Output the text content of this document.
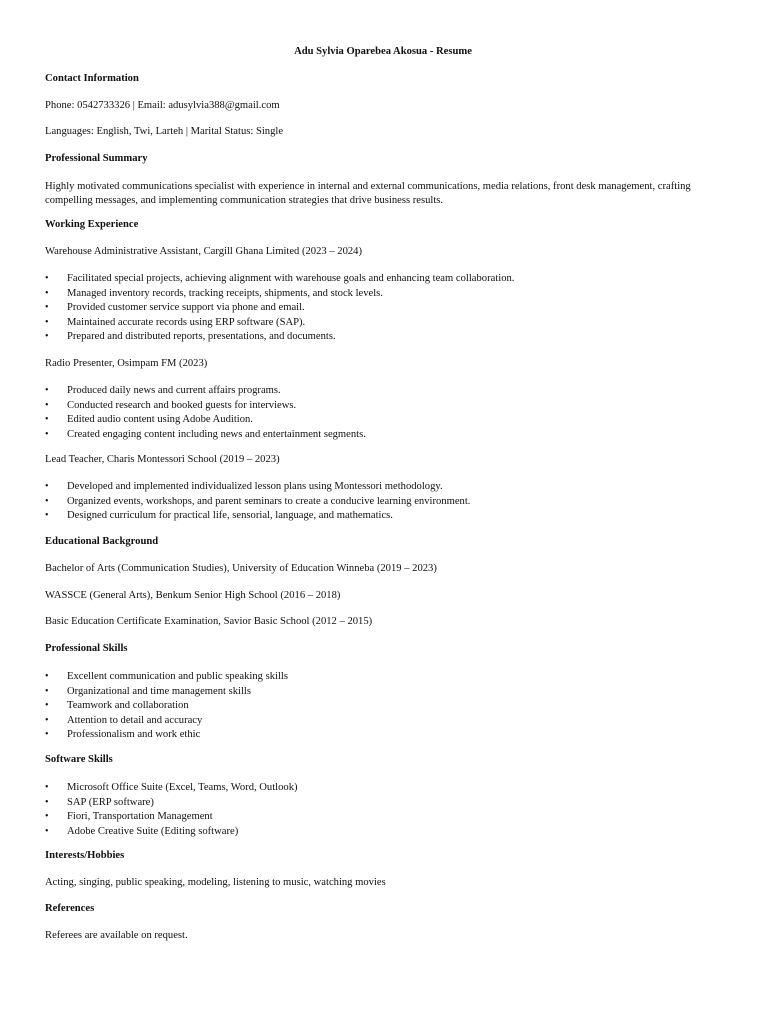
Adu Sylvia Oparebea Akosua - Resume
Contact Information
Phone: 0542733326 | Email: adusylvia388@gmail.com
Languages: English, Twi, Larteh | Marital Status: Single
Professional Summary
Highly motivated communications specialist with experience in internal and external communications, media relations, front desk management, crafting compelling messages, and implementing communication strategies that drive business results.
Working Experience
Warehouse Administrative Assistant, Cargill Ghana Limited (2023 – 2024)
• Facilitated special projects, achieving alignment with warehouse goals and enhancing team collaboration.
• Managed inventory records, tracking receipts, shipments, and stock levels.
• Provided customer service support via phone and email.
• Maintained accurate records using ERP software (SAP).
• Prepared and distributed reports, presentations, and documents.
Radio Presenter, Osimpam FM (2023)
• Produced daily news and current affairs programs.
• Conducted research and booked guests for interviews.
• Edited audio content using Adobe Audition.
• Created engaging content including news and entertainment segments.
Lead Teacher, Charis Montessori School (2019 – 2023)
• Developed and implemented individualized lesson plans using Montessori methodology.
• Organized events, workshops, and parent seminars to create a conducive learning environment.
• Designed curriculum for practical life, sensorial, language, and mathematics.
Educational Background
Bachelor of Arts (Communication Studies), University of Education Winneba (2019 – 2023)
WASSCE (General Arts), Benkum Senior High School (2016 – 2018)
Basic Education Certificate Examination, Savior Basic School (2012 – 2015)
Professional Skills
• Excellent communication and public speaking skills
• Organizational and time management skills
• Teamwork and collaboration
• Attention to detail and accuracy
• Professionalism and work ethic
Software Skills
• Microsoft Office Suite (Excel, Teams, Word, Outlook)
• SAP (ERP software)
• Fiori, Transportation Management
• Adobe Creative Suite (Editing software)
Interests/Hobbies
Acting, singing, public speaking, modeling, listening to music, watching movies
References
Referees are available on request.
